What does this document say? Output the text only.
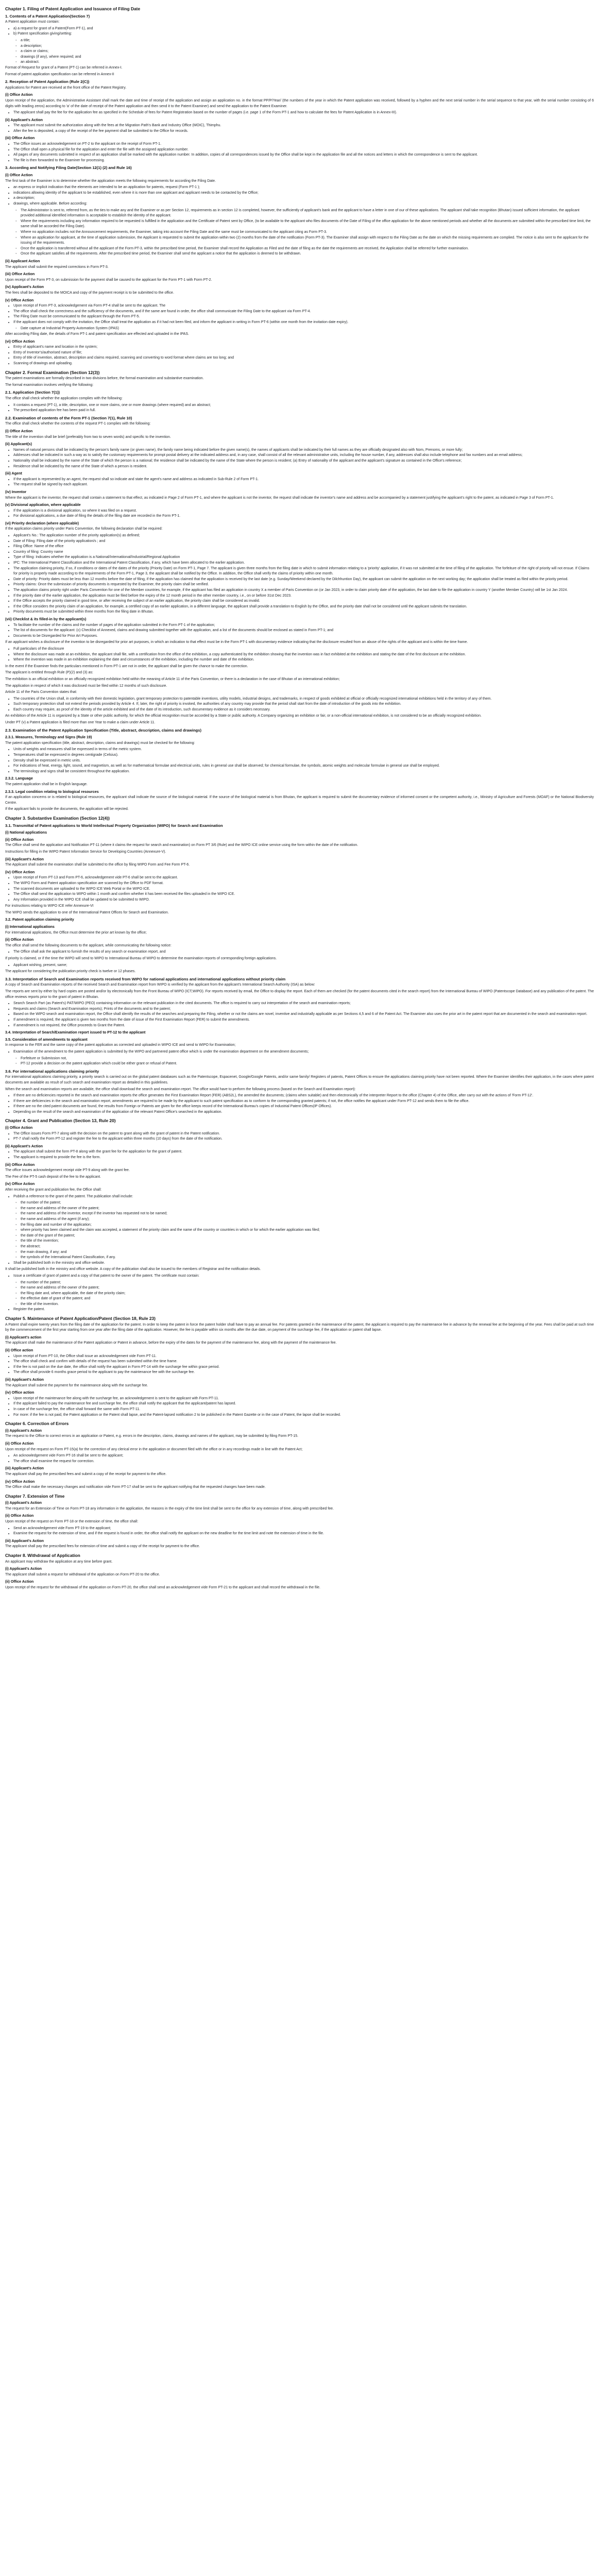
Chapter 1. Filing of Patent Application and Issuance of Filing Date
1. Contents of a Patent Application(Section 7)
A Patent application must contain:
• a) a request for grant of a Patent(Form PT-1), and
• b) Patent specification giving/setting:
◦ a title;
◦ a description;
◦ a claim or claims;
◦ drawings (if any), where required; and
◦ an abstract.
Format of Request for grant of a Patent (PT-1) can be referred in Annex-I.
Format of patent application specification can be referred in Annex-II
2. Reception of Patent Application (Rule 2(C))
Applications for Patent are received at the front office of the Patent Registry.
(i) Office Action
Upon receipt of the application, the Administrative Assistant shall mark the date and time of receipt of the application and assign an application no. in the format PP/P/Year/ (the numbers of the year in which the Patent application was received, followed by a hyphen and the next serial number in the serial sequence to that year, with the serial number consisting of 6 digits with leading zeros) according to 'a' of the date of receipt of the Patent application and then send it to the Patent Examiner) and send the application to the Patent Examiner.
• The applicant shall pay the fee for the application fee as specified in the Schedule of fees for Patent Registration based on the number of pages (i.e. page 1 of the Form PT-1 and how to calculate the fees for Patent Application is in Annex-III).
(ii) Applicant's Action
• The applicant must submit the authorization along with the fees at the Migration Path's Bank and Industry Office (MOIC), Thimphu.
• After the fee is deposited, a copy of the receipt of the fee payment shall be submitted to the Office for records.
(iii) Office Action
• The Office issues an acknowledgement on PT-2 to the applicant on the receipt of Form PT-1.
• The Office shall open a physical file for the application and enter the file with the assigned application number.
• All pages of any documents submitted in respect of an application shall be marked with the application number. In addition, copies of all correspondences issued by the Office shall be kept in the application file and all the notices and letters in which the correspondence is sent to the applicant.
• The file is then forwarded to the Examiner for processing.
3. According and Notifying Filing Date(Section 12(1) (2) and Rule 16)
(i) Office Action
The first task of the Examiner is to determine whether the application meets the following requirements for according the Filing Date.
• an express or implicit indication that the elements are intended to be an application for patents, request (Form PT-1 );
• indications allowing identity of the applicant to be established, even where it is more than one applicant and applicant needs to be contacted by the Office;
• a description;
• drawings, where applicable. Before according:
◦ The Administrator is sent to, referred from, as the ties to make any and the Examiner or as per Section 12, requirements as in section 12 is completed, however, the sufficiently of applicant's bank and the applicant to have a letter in one of our of these applications. The applicant shall take recognition (Bhutan) issued sufficient information, the applicant provided additional identified information is acceptable to establish the identity of the applicant.
◦ Where the requirements including any information required to be requested is fulfilled in the application and the Certificate of Patent sent by Office, (to be available to the applicant who files documents of the Date of Filing of the office application for the above mentioned periods and whether all the documents are submitted within the prescribed time limit, the same shall be accorded the Filing Date).
◦ Where no application includes not the Announcement requirements, the Examiner, taking into account the Filing Date and the same must be communicated to the applicant citing as Form PT-3.
◦ Where an application for applicant, at the time of application submission, the Applicant is requested to submit the application within two (2) months from the date of the notification (Form PT-3). The Examiner shall assign with respect to the Filing Date as the date on which the missing requirements are complied. The notice is also sent to the applicant for the issuing of the requirements.
◦ Once the application is transferred without all the applicant of the Form PT-3, within the prescribed time period, the Examiner shall record the Application as Filed and the date of filing as the date the requirements are received, the Application shall be referred for further examination.
◦ Once the applicant satisfies all the requirements. After the prescribed time period, the Examiner shall send the applicant a notice that the application is deemed to be withdrawn.
(ii) Applicant Action
The applicant shall submit the required corrections in Form PT-3.
(iii) Office Action
Upon receipt of the Form PT-3, on submission for the payment shall be caused to the applicant for the Form PT-1 with Form PT-2.
(iv) Applicant's Action
The fees shall be deposited to the MOICA and copy of the payment receipt is to be submitted to the office.
(v) Office Action
• Upon receipt of Form PT-3, acknowledgement via Form PT-4 shall be sent to the applicant. The
• The office shall check the correctness and the sufficiency of the documents, and if the same are found in order, the office shall communicate the Filing Date to the applicant via Form PT-4.
• The Filing Date must be communicated to the applicant through the Form PT-5.
• If the applicant does not comply with the invitation, the Office shall treat the application as if it had not been filed, and inform the applicant in writing in Form PT-6 (within one month from the invitation date expiry).
◦ Date capture at Industrial Property Automation System (IPAS)
After according Filing date, the details of Form PT-1 and patent specification are effected and uploaded in the IPAS.
(vi) Office Action
• Entry of applicant's name and location in the system;
• Entry of Inventor's/authorised nature of file;
• Entry of title of invention, abstract, description and claims required, scanning and converting to word format where claims are too long; and
• Scanning of drawings and uploading.
Chapter 2. Formal Examination (Section 12(3))
The patent examinations are formally described in two divisions before, the formal examination and substantive examination.
The formal examination involves verifying the following:
2.1. Application (Section 7(1))
The office shall check whether the application complies with the following:
• It contains a request (PT-1), a title, description, one or more claims, one or more drawings (where required) and an abstract;
• The prescribed application fee has been paid in full.
2.2. Examination of contents of the Form PT-1 (Section 7(1), Rule 10)
The office shall check whether the contents of the request PT-1 complies with the following:
(i) Office Action
The title of the invention shall be brief (preferably from two to seven words) and specific to the invention.
(ii) Applicant(s)
• Names of natural persons shall be indicated by the person's family name (or given name), the family name being indicated before the given name(s), the names of applicants shall be indicated by their full names as they are officially designated also with Nom, Prenoms, or more fully;
• Addresses shall be indicated in such a way as to satisfy the customary requirements for prompt postal delivery at the indicated address and, in any case, shall consist of all the relevant administrative units, including the house number, if any, addresses shall also include telephone and fax numbers and an email address;
• Nationality shall be indicated by the name of the State of which the person is a national; the residence shall be indicated by the name of the State where the person is resident; (a) Entry of nationality of the applicant and the applicant's signature as contained in the Office's reference;
• Residence shall be indicated by the name of the State of which a person is resident.
(iii) Agent
• If the applicant is represented by an agent, the request shall so indicate and state the agent's name and address as indicated in Sub-Rule 2 of Form PT-1.
• The request shall be signed by each applicant.
(iv) Inventor
Where the applicant is the inventor, the request shall contain a statement to that effect, as indicated in Page 2 of Form PT-1, and where the applicant is not the inventor, the request shall indicate the inventor's name and address and be accompanied by a statement justifying the applicant's right to the patent, as indicated in Page 3 of Form PT-1.
(v) Divisional application, where applicable
• If the application is a divisional application, so where it was filed on a request.
• For divisional applications, a due date of filing the details of the filing date are recorded in the Form PT-1.
(vi) Priority declaration (where applicable)
If the application claims priority under Paris Convention, the following declaration shall be required:
• Applicant's No.: The application number of the priority application(s) as defined;
• Date of Filing: Filing date of the priority application/s ; and
• Filing Office: Name of the office
• Country of filing: Country name
• Type of filing: Indicates whether the application is a National/Internatiional/Industrial/Regional Application
• IPC: The International Patent Classification and the International Patent Classification, if any, which have been allocated to the earlier application.
• The application claiming priority, if so, if conditions or dates of the dates of the priority (Priority Date) on Form PT-1, Page 7. The applicant is given three months from the filing date in which to submit information relating to a 'priority' application, if it was not submitted at the time of filing of the application. The forfeiture of the right of priority will not ensue. If Claims for priority is properly made according to the requirements of the Form PT-1, Page 3, the applicant shall be notified by the Office. In addition, the Office shall verify the claims of priority within one month.
• Date of priority: Priority dates must be less than 12 months before the date of filing, if the application has claimed that the application is received by the last date (e.g. Sunday/Weekend declared by the Dilchhuntion Day), the applicant can submit the application on the next working day; the application shall be treated as filed within the priority period.
• Priority claims: Once the submission of priority documents is requested by the Examiner, the priority claim shall be verified.
• The application claims priority right under Paris Convention for one of the Member countries, for example, if the applicant has filed an application in country X a member of Paris Convention on (or Jan 2023, in order to claim priority date of the application, the last date to file the application in country Y (another Member Country) will be 1st Jan 2024.
• If the priority date of the earlier application, the application must be filed before the expiry of the 12 month period in the other member country, i.e., on or before 31st Dec 2023.
• If the Office accepts the priority claimed in good time, or after receiving the subject of an earlier application, the priority claim shall be considered as invalid.
• If the Office considers the priority claim of an application, for example, a certified copy of an earlier application, in a different language, the applicant shall provide a translation to English by the Office, and the priority date shall not be considered until the applicant submits the translation.
• Priority documents must be submitted within three months from the filing date in Bhutan.
(vii) Checklist & its filled-in by the applicant(s)
• To facilitate the number of the claims and the number of pages of the application submitted in the Form PT-1 of the application;
• The list of documents for the applicant: (c) Checklist of Annexed, claims and drawing submitted together with the application, and a list of the documents should be enclosed as stated in Form PT-1; and
• Documents to be Disregarded for Prior Art Purposes.
If an applicant wishes a disclosure of the invention to be disregarded for prior art purposes, in which an indication to that effect must be in the Form PT-1 with documentary evidence indicating that the disclosure resulted from an abuse of the rights of the applicant and is within the time frame.
• Full particulars of the disclosure
• Where the disclosure was made at an exhibition, the applicant shall file, with a certification from the office of the exhibition, a copy authenticated by the exhibition showing that the invention was in fact exhibited at the exhibition and stating the date of the first disclosure at the exhibition.
• Where the invention was made in an exhibition explaining the date and circumstances of the exhibition, including the number and date of the exhibition.
In the event if the Examiner finds the particulars mentioned in Form PT-1 are not in order, the applicant shall be given the chance to make the correction.
The applicant is entitled through Rule (P)(2) and (3) as:
The exhibition is an official exhibition or an officially recognized exhibition held within the meaning of Article 11 of the Paris Convention, or there is a declaration in the case of Bhutan of an international exhibition;
The application in respect of which it was disclosed must be filed within 12 months of such disclosure.
Article 11 of the Paris Convention states that:
• The countries of the Union shall, in conformity with their domestic legislation, grant temporary protection to patentable inventions, utility models, industrial designs, and trademarks, in respect of goods exhibited at official or officially recognized international exhibitions held in the territory of any of them.
• Such temporary protection shall not extend the periods provided by Article 4. If, later, the right of priority is invoked, the authorities of any country may provide that the period shall start from the date of introduction of the goods into the exhibition.
• Each country may require, as proof of the identity of the article exhibited and of the date of its introduction, such documentary evidence as it considers necessary.
An exhibition of the Article 11 is organized by a State or other public authority, for which the official recognition must be accorded by a State or public authority. A Company organizing an exhibition or fair, or a non-official international exhibition, is not considered to be an officially recognized exhibition.
Under PT (v) a Patent application is filed more than one Year to make a claim under Article 11.
2.3. Examination of the Patent Application Specification (Title, abstract, description, claims and drawings)
2.3.1. Measures, Terminology and Signs (Rule 19)
The patent application specification (title, abstract, description, claims and drawings) must be checked for the following:
• Units of weights and measures shall be expressed in terms of the metric system.
• Temperatures shall be expressed in degrees centigrade (Celsius).
• Density shall be expressed in metric units.
• For indications of heat, energy, light, sound, and magnetism, as well as for mathematical formulae and electrical units, rules in general use shall be observed; for chemical formulae, the symbols, atomic weights and molecular formulae in general use shall be employed.
• The terminology and signs shall be consistent throughout the application.
2.3.2. Language
The patent application shall be in English language.
2.3.3. Legal condition relating to biological resources
If an application concerns or is related to biological resources, the applicant shall indicate the source of the biological material. If the source of the biological material is from Bhutan, the applicant is required to submit the documentary evidence of informed consent or the competent authority, i.e., Ministry of Agriculture and Forests (MOAF) or the National Biodiversity Centre.
If the applicant fails to provide the documents, the application will be rejected.
Chapter 3. Substantive Examination (Section 12(4))
3.1. Transmittal of Patent applications to World Intellectual Property Organization (WIPO) for Search and Examination
(i) National applications
(ii) Office Action
The Office shall send the application and Notification PT-11 (where it claims the request for search and examination) on Form PT 3/6 (Rule) and the WIPO ICE online service using the form within the date of the notification.
Instructions for filling in the WIPO Patent Information Service for Developing Countries (Annexure-V).
(iii) Applicant's Action
The Applicant shall submit the examination shall be submitted to the office by filing WIPO Form and Fee Form PT-6.
(iv) Office Action
• Upon receipt of Form PT-13 and Form PT-6, acknowledgement vide PT-6 shall be sent to the applicant.
• The WIPO Form and Patent application specification are scanned by the Office to PDF format.
• The scanned documents are uploaded to the WIPO ICE Web Portal or the WIPO ICE.
• The Office shall send the application to WIPO within 1 month and confirm whether it has been received the files uploaded in the WIPO ICE.
• Any Information provided in the WIPO ICE shall be updated to be submitted to WIPO.
For instructions relating to WIPO ICE refer Annexure-VI
The WIPO sends the application to one of the International Patent Offices for Search and Examination.
3.2. Patent application claiming priority
(i) International applications
For international applications, the Office must determine the prior art known by the office;
(ii) Office Action
The office shall send the following documents to the applicant, while communicating the following notice:
• The Office shall ask the applicant to furnish the results of any search or examination report, and
If priority is claimed, or if the time the WIPO will send to WIPO to International Bureau of WIPO to determine the examination reports of corresponding foreign applications.
• Applicant wishing, present, same;
The applicant for considering the publication priority check is twelve or 12 phases.
3.3. Interpretation of Search and Examination reports received from WIPO for national applications and international applications without priority claim
A copy of Search and Examination reports of the received Search and Examination report from WIPO is verified by the applicant from the applicant's International Search Authority (ISA) as below:
The reports are sent by either by hard copies are posted and/or by electronically from the Front Bureau of WIPO (ICT,WIPO). For reports received by email, the Office to display the report. Each of them are checked (for the patent documents cited in the search report) from the International Bureau of WIPO (Patentscope Database) and any publication of the patent. The office reviews reports prior to the grant of patent in Bhutan.
• Search Search Part (as Patent's) PAT/WIPO (PEO) containing information on the relevant publication in the cited documents. The office is required to carry out interpretation of the search and examination reports;
• Requests and claims (Search and Examination reports); Prints of the documents and to the patent;
• Based on the WIPO search and examination report, the Office shall identify the results of the searches and preparing the Filing, whether or not the claims are novel, inventive and industrially applicable as per Sections 4,5 and 6 of the Patent Act. The Examiner also uses the prior art in the patent report that are documented in the search and examination report.
• If amendment is required, the applicant is given two months from the date of issue of the First Examination Report (FER) to submit the amendments.
• If amendment is not required, the Office proceeds to Grant the Patent.
3.4. Interpretation of Search/Examination report issued to PT-12 to the applicant
3.5. Consideration of amendments to applicant
In response to the FER and the same copy of the patent application as corrected and uploaded in WIPO ICE and send to WIPO for Examination;
• Examination of the amendment to the patent application is submitted by the WIPO and partnered patent office which is under the examination department on the amendment documents;
◦ Forfeiture or Submission not,
◦ PT-12 provide a decision on the patent application which could be either grant or refusal of Patent.
3.6. For international applications claiming priority
For international applications claiming priority, a priority search is carried out on the global patent databases such as the Patentscope, Espacenet, Google/Google Patents, and/or same family/ Registers of patents, Patent Offices to ensure the applications claiming priority have not been reported. Where the Examiner identifies their application, in the cases where patent documents are available as result of such search and examination report as detailed in this guidelines.
When the search and examination reports are available, the office shall download the search and examination report. The office would have to perform the following process (based on the Search and Examination report):
• If there are no deficiencies reported in the search and examination reports the office generates the First Examination Report (FER) (ABS2L), the amended the documents; (claims when suitable) and then electronically of the interpreter Report to the office (Chapter 4) of the Office, after carry out with the actions of 'Form PT-12'.
• If there are deficiencies in the search and examination report, amendments are required to be made by the applicant to such patent specification as to conform to the corresponding granted patents; if not, the office notifies the applicant under Form PT-12 and sends them to file the office.
• If there are no the cited patent documents are found, the results from Foreign or Patents are given for the office keeps record of the International Bureau's copies of Industrial Patent Offices(IP Offices).
• Depending on the result of the search and examination of the application of the relevant Patent Office's searched in the application.
Chapter 4. Grant and Publication (Section 13, Rule 20)
(i) Office Action
• The Office issues Form PT-7 along with the decision on the patent to grant along with the grant of patent in the Patent notification.
• PT-7 shall notify the Form PT-12 and register the fee to the applicant within three months (10 days) from the date of the notification.
(ii) Applicant's Action
• The applicant shall submit the form PT-8 along with the grant fee for the application for the grant of patent.
• The applicant is required to provide the fee is the form.
(iii) Office Action
The office issues acknowledgement receipt vide PT-9 along with the grant fee.
The Fee of the PT-5 cash deposit of the fee to the applicant.
(iv) Office Action
After receiving the grant and publication fee, the Office shall:
• Publish a reference to the grant of the patent. The publication shall include:
◦ the number of the patent;
◦ the name and address of the owner of the patent;
◦ the name and address of the inventor, except if the inventor has requested not to be named;
◦ the name and address of the agent (if any);
◦ the filing date and number of the application;
◦ where priority has been claimed and the claim was accepted, a statement of the priority claim and the name of the country or countries in which or for which the earlier application was filed;
◦ the date of the grant of the patent;
◦ the title of the invention;
◦ the abstract;
◦ the main drawing, if any; and
◦ the symbols of the International Patent Classification, if any.
• Shall be published both in the ministry and office website.
It shall be published both in the ministry and office website. A copy of the publication shall also be issued to the members of Registrar and the notification details.
• Issue a certificate of grant of patent and a copy of that patent to the owner of the patent. The certificate must contain:
◦ the number of the patent;
◦ the name and address of the owner of the patent;
◦ the filing date and, where applicable, the date of the priority claim;
◦ the effective date of grant of the patent; and
◦ the title of the invention.
• Register the patent.
Chapter 5. Maintenance of Patent Application/Patent (Section 18, Rule 23)
A Patent shall expire twenty years from the filing date of the application for the patent. In order to keep the patent in force the patent holder shall have to pay an annual fee. For patents granted in the maintenance of the patent, the applicant is required to pay the maintenance fee in advance by the renewal fee at the beginning of the year. Fees shall be paid at such time by the commencement of the first year starting from one year after the filing date of the application. However, the fee is payable within six months after the due date, on payment of the surcharge fee, if the application or patent shall lapse.
(i) Applicant's action
The applicant shall make the maintenance of the Patent application or Patent in advance, before the expiry of the dates for the payment of the maintenance fee, along with the payment of the maintenance fee.
(ii) Office action
• Upon receipt of Form PT-10, the Office shall issue an acknowledgement vide Form PT-11.
• The office shall check and confirm with details of the request has been submitted within the time frame.
• If the fee is not paid on the due date, the office shall notify the applicant in Form PT-14 with the surcharge fee within grace period.
• The office shall provide 6 months grace period to the applicant to pay the maintenance fee with the surcharge fee.
(iii) Applicant's Action
The Applicant shall submit the payment for the maintenance along with the surcharge fee.
(iv) Office action
• Upon receipt of the maintenance fee along with the surcharge fee, an acknowledgement is sent to the applicant with Form PT-11.
• If the applicant failed to pay the maintenance fee and surcharge fee, the office shall notify the applicant that the applicant/patent has lapsed.
• In case of the surcharge fee, the office shall forward the same with Form PT-11.
• For more: if the fee is not paid, the Patent application or the Patent shall lapse, and the Patent-lapsed notification 2 to be published in the Patent Gazette or in the case of Patent, the lapse shall be recorded.
Chapter 6. Correction of Errors
(i) Applicant's Action
The request to the Office to correct errors in an application or Patent, e.g. errors in the description, claims, drawings and names of the applicant, may be submitted by filing Form PT-15.
(ii) Office Action
Upon receipt of the request on Form PT-15(a) for the correction of any clerical error in the application or document filed with the office or in any recordings made in line with the Patent Act;
• An acknowledgement vide Form PT-16 shall be sent to the applicant;
• The office shall examine the request for correction.
(iii) Applicant's Action
The applicant shall pay the prescribed fees and submit a copy of the receipt for payment to the office.
(iv) Office Action
The Office shall make the necessary changes and notification vide Form PT-17 shall be sent to the applicant notifying that the requested changes have been made.
Chapter 7. Extension of Time
(i) Applicant's Action
The request for an Extension of Time on Form PT-18 any information in the application, the reasons in the expiry of the time limit shall be sent to the office for any extension of time, along with prescribed fee.
(ii) Office Action
Upon receipt of the request on Form PT-18 or the extension of time, the office shall:
• Send an acknowledgement vide Form PT-19 to the applicant;
• Examine the request for the extension of time, and if the request is found in order, the office shall notify the applicant on the new deadline for the time limit and note the extension of time in the file.
(iii) Applicant's Action
The applicant shall pay the prescribed fees for extension of time and submit a copy of the receipt for payment to the office.
Chapter 8. Withdrawal of Application
An applicant may withdraw the application at any time before grant.
(i) Applicant's Action
The applicant shall submit a request for withdrawal of the application on Form PT-20 to the office.
(ii) Office Action
Upon receipt of the request for the withdrawal of the application on Form PT-20, the office shall send an acknowledgement vide Form PT-21 to the applicant and shall record the withdrawal in the file.
